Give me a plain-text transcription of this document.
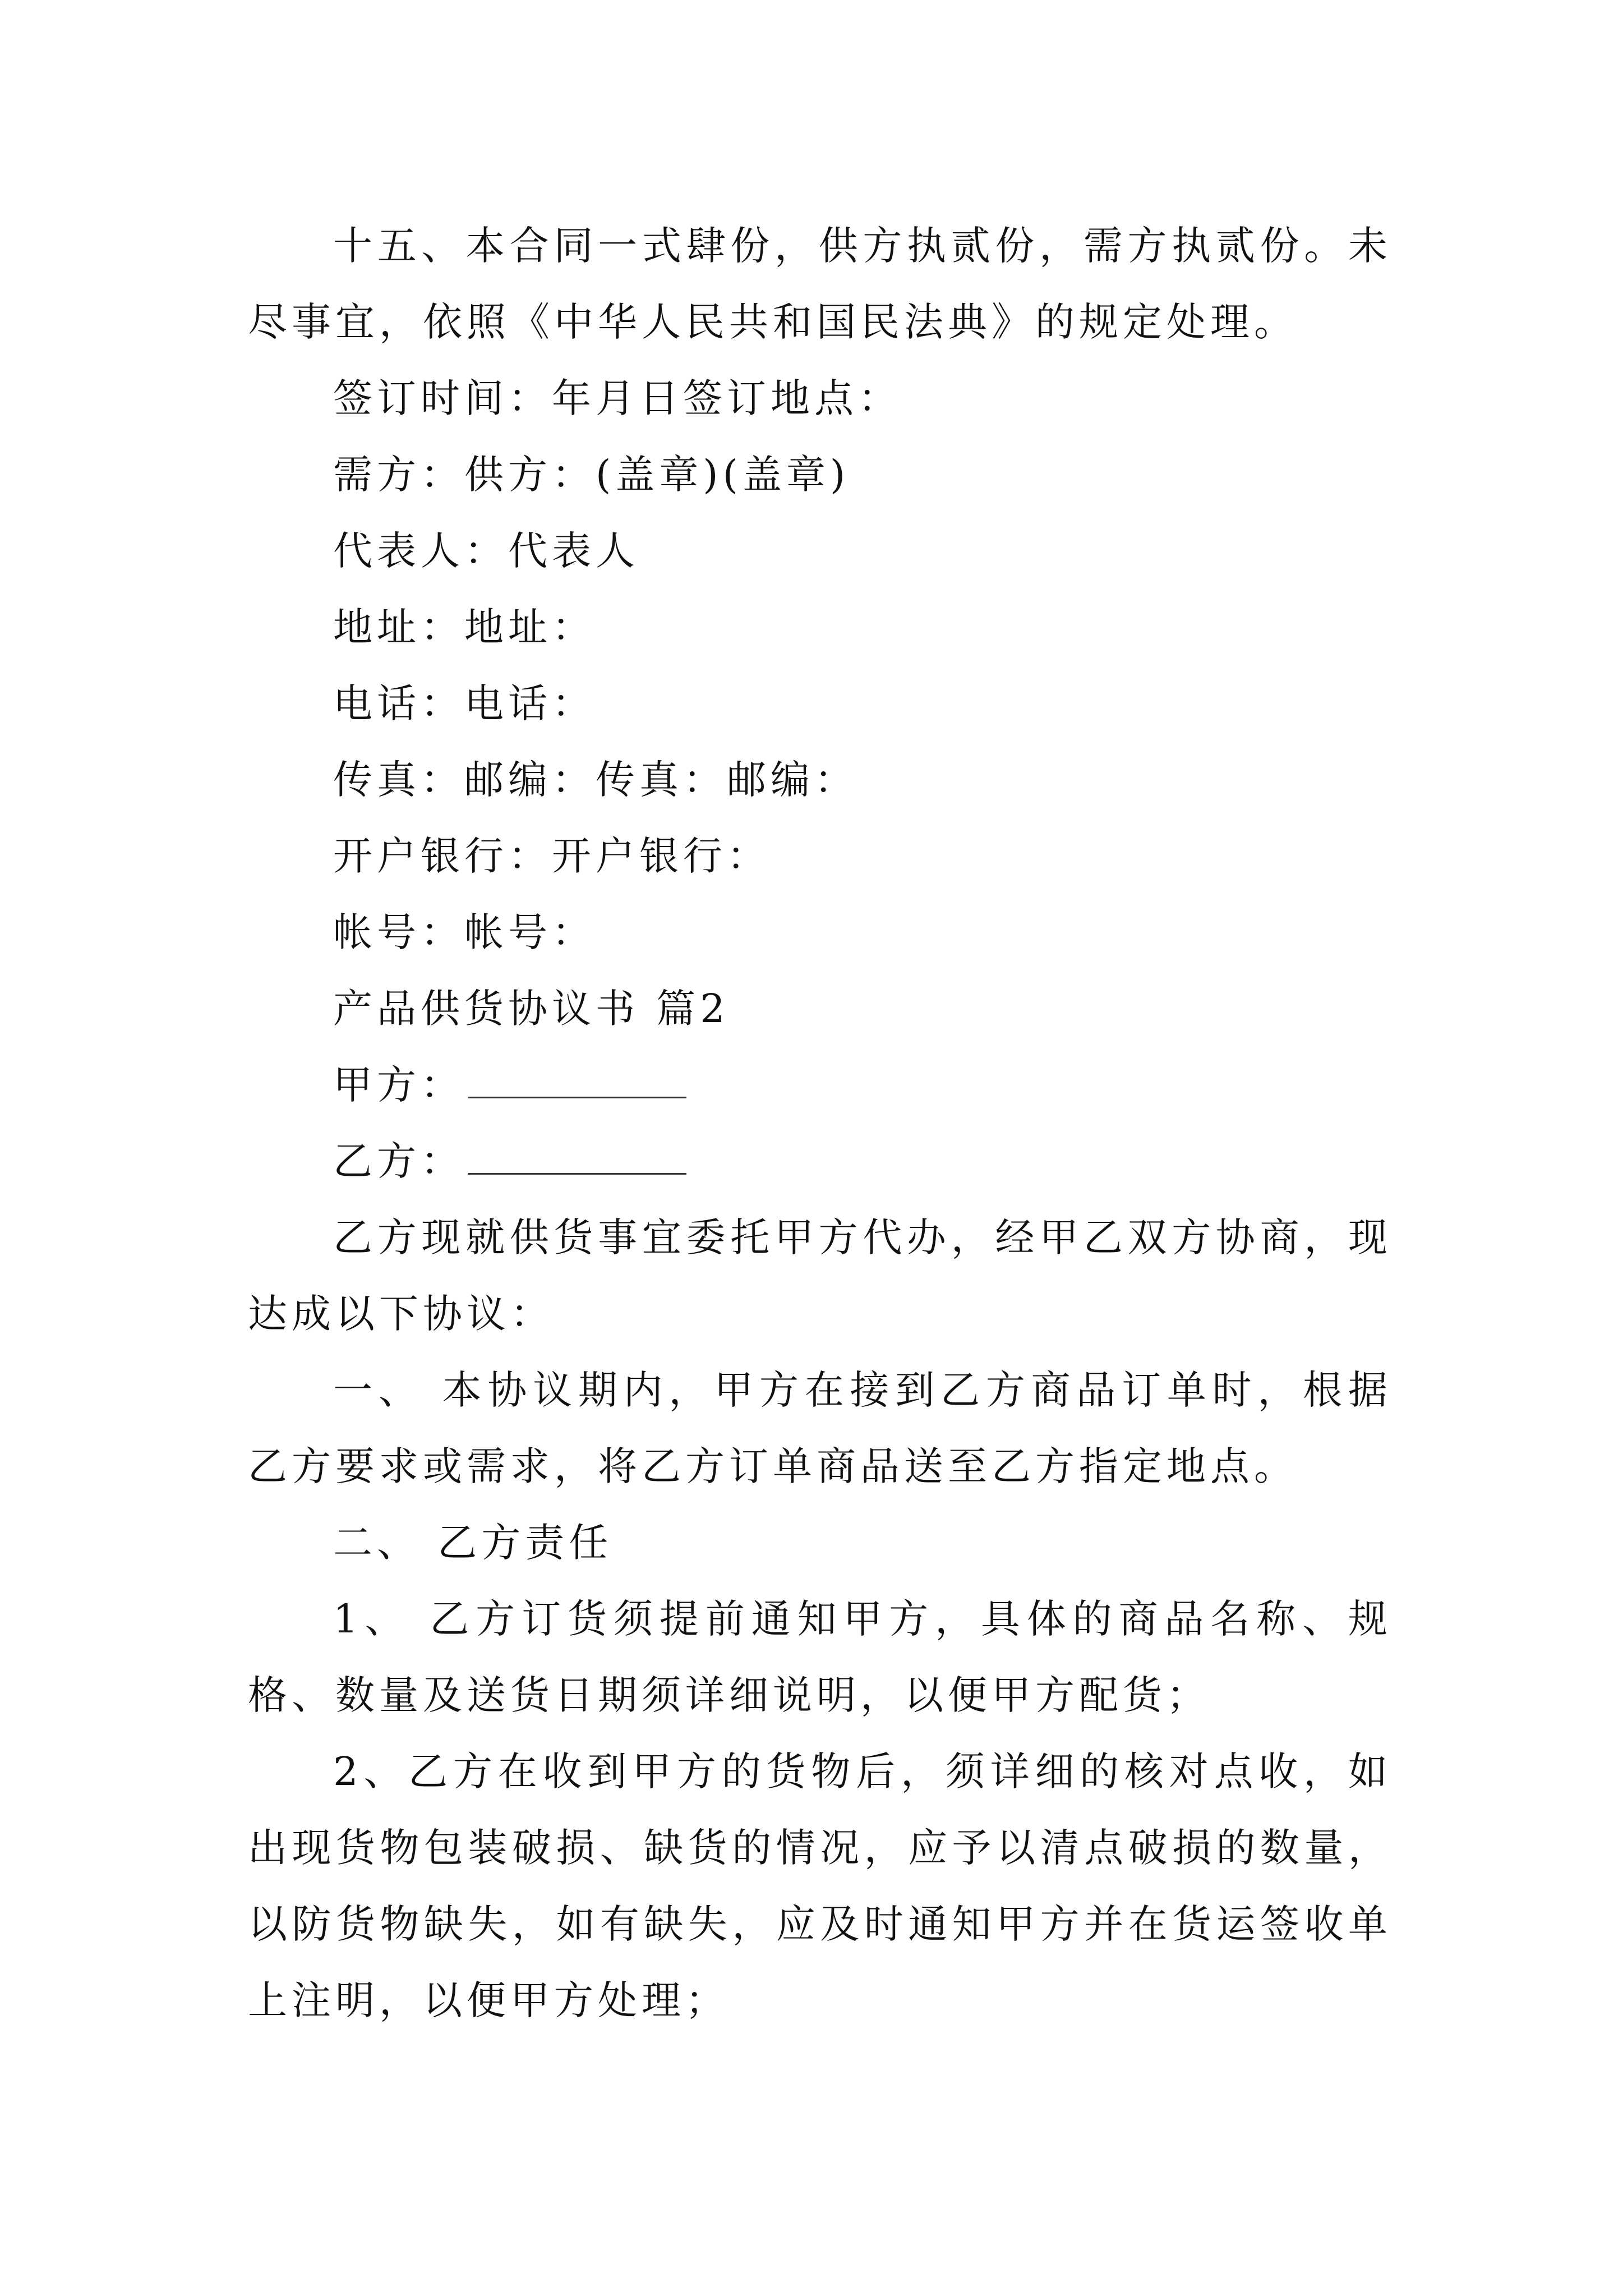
十五、本合同一式肆份，供方执贰份，需方执贰份。未尽事宜，依照《中华人民共和国民法典》的规定处理。

签订时间：年月日签订地点：

需方：供方：(盖章)(盖章)

代表人：代表人

地址：地址：

电话：电话：

传真：邮编：传真：邮编：

开户银行：开户银行：

帐号：帐号：

产品供货协议书 篇2

甲方：

乙方：

乙方现就供货事宜委托甲方代办，经甲乙双方协商，现达成以下协议：

一、 本协议期内，甲方在接到乙方商品订单时，根据乙方要求或需求，将乙方订单商品送至乙方指定地点。

二、 乙方责任

1、 乙方订货须提前通知甲方，具体的商品名称、规格、数量及送货日期须详细说明，以便甲方配货；

2、乙方在收到甲方的货物后，须详细的核对点收，如出现货物包装破损、缺货的情况，应予以清点破损的数量，以防货物缺失，如有缺失，应及时通知甲方并在货运签收单上注明，以便甲方处理；
